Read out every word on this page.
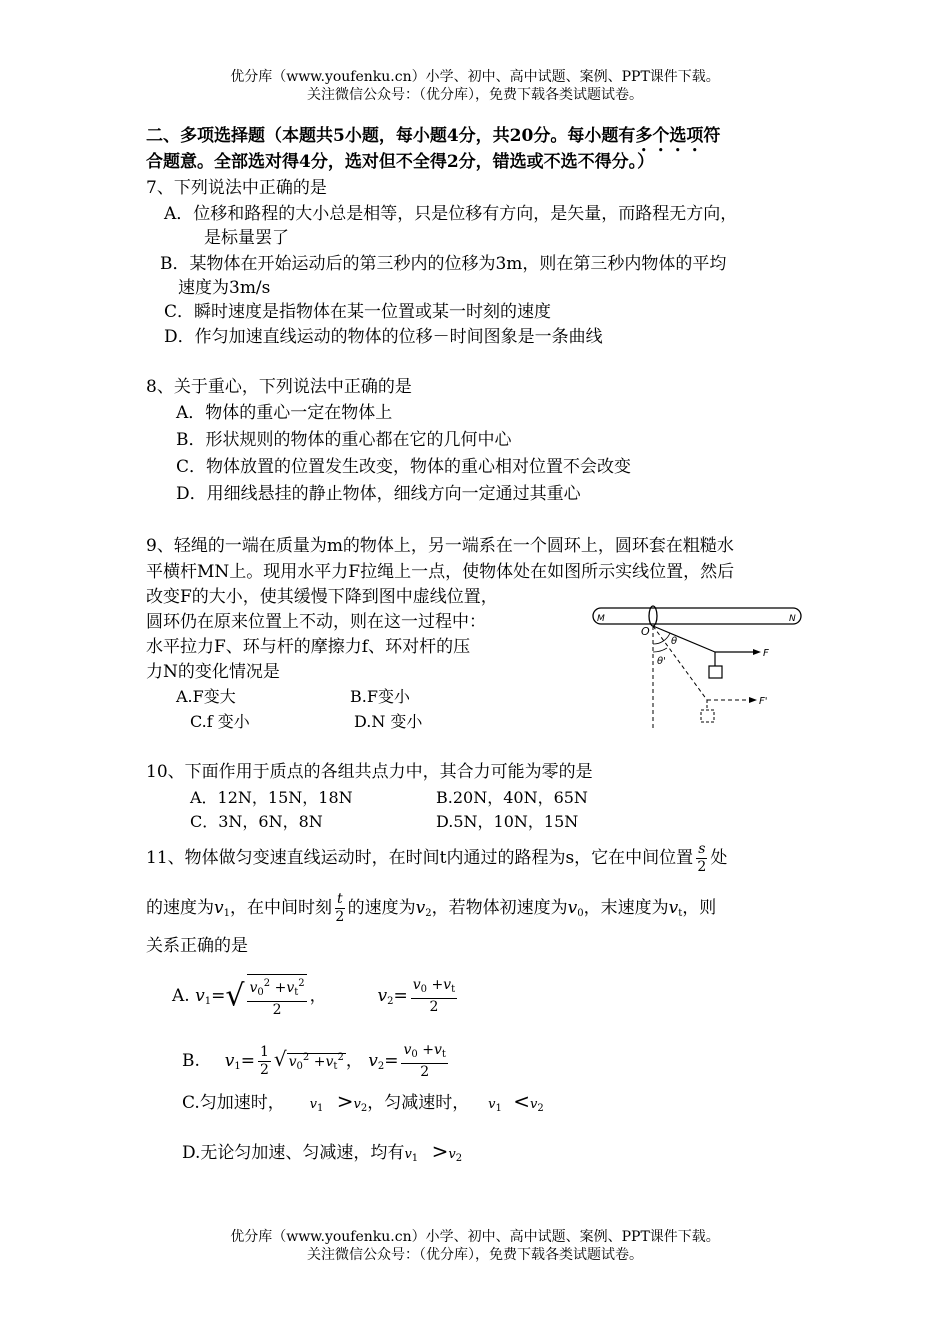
优分库（www.youfenku.cn）小学、初中、高中试题、案例、PPT课件下载。
关注微信公众号：（优分库），免费下载各类试题试卷。
二、多项选择题（本题共5小题，每小题4分，共20分。每小题有多个选项符
合题意。全部选对得4分，选对但不全得2分，错选或不选不得分。）
7、下列说法中正确的是
A．位移和路程的大小总是相等，只是位移有方向，是矢量，而路程无方向，
是标量罢了
B．某物体在开始运动后的第三秒内的位移为3m，则在第三秒内物体的平均
速度为3m/s
C．瞬时速度是指物体在某一位置或某一时刻的速度
D．作匀加速直线运动的物体的位移－时间图象是一条曲线
8、关于重心，下列说法中正确的是
A．物体的重心一定在物体上
B．形状规则的物体的重心都在它的几何中心
C．物体放置的位置发生改变，物体的重心相对位置不会改变
D．用细线悬挂的静止物体，细线方向一定通过其重心
9、轻绳的一端在质量为m的物体上，另一端系在一个圆环上，圆环套在粗糙水
平横杆MN上。现用水平力F拉绳上一点，使物体处在如图所示实线位置，然后
改变F的大小，使其缓慢下降到图中虚线位置，
圆环仍在原来位置上不动，则在这一过程中：
水平拉力F、环与杆的摩擦力f、环对杆的压
力N的变化情况是
A.F变大	B.F变小
C.f 变小	D.N 变小
M	N
O
F
F'
θ
θ'
10、下面作用于质点的各组共点力中，其合力可能为零的是
A．12N，15N，18N	B.20N，40N，65N
C．3N，6N，8N	D.5N，10N，15N
11、物体做匀变速直线运动时，在时间t内通过的路程为s，它在中间位置 $\frac{s}{2}$ 处
的速度为$v_1$，在中间时刻 $\frac{t}{2}$ 的速度为$v_2$，若物体初速度为$v_0$，末速度为$v_t$，则
关系正确的是
A. $v_1=√ \frac{v_0^2 +v_t^2}{2}$ ，	$v_2= \frac{v_0 +v_t}{2}$
B. $v_1= \frac{1}{2}$ √ $v_0^2 +v_t^2$ ， $v_2= \frac{v_0 +v_t}{2}$
C.匀加速时， $v_1 >v_2$，匀减速时， $v_1 <v_2$
D.无论匀加速、匀减速，均有$v_1 >v_2$
优分库（www.youfenku.cn）小学、初中、高中试题、案例、PPT课件下载。
关注微信公众号：（优分库），免费下载各类试题试卷。
